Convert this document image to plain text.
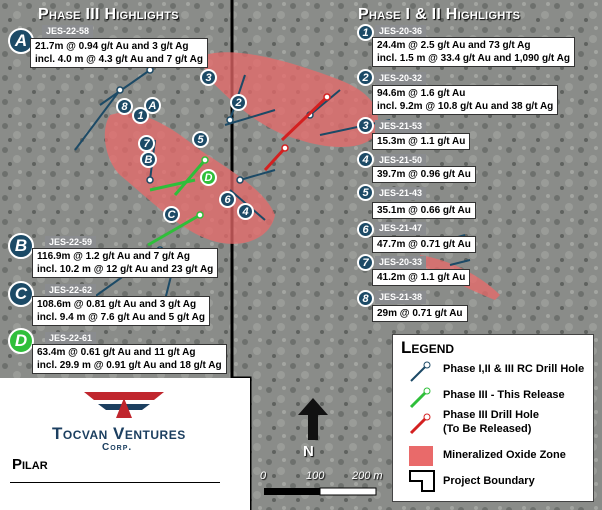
Phase III Highlights	Phase I & II Highlights
A	JES-22-58
21.7m @ 0.94 g/t Au and 3 g/t Ag
incl. 4.0 m @ 4.3 g/t Au and 7 g/t Ag
B	JES-22-59
116.9m @ 1.2 g/t Au and 7 g/t Ag
incl. 10.2 m @ 12 g/t Au and 23 g/t Ag
C	JES-22-62
108.6m @ 0.81 g/t Au and 3 g/t Ag
incl. 9.4 m @ 7.6 g/t Au and 5 g/t Ag
D	JES-22-61
63.4m @ 0.61 g/t Au and 11 g/t Ag
incl. 29.9 m @ 0.91 g/t Au and 18 g/t Ag
1	JES-20-36
24.4m @ 2.5 g/t Au and 73 g/t Ag
incl. 1.5 m @ 33.4 g/t Au and 1,090 g/t Ag
2	JES-20-32
94.6m @ 1.6 g/t Au
incl. 9.2m @ 10.8 g/t Au and 38 g/t Ag
3	JES-21-53
15.3m @ 1.1 g/t Au
4	JES-21-50
39.7m @ 0.96 g/t Au
5	JES-21-43
35.1m @ 0.66 g/t Au
6	JES-21-47
47.7m @ 0.71 g/t Au
7	JES-20-33
41.2m @ 1.1 g/t Au
8	JES-21-38
29m @ 0.71 g/t Au
8
1
A	2
3
7
B
5
D
C
6
4
Legend
Phase I,II & III RC Drill Hole
Phase III - This Release
Phase III Drill Hole
(To Be Released)
Mineralized Oxide Zone
Project Boundary
Tocvan Ventures
Corp.
Pilar
N
0	100	200 m
